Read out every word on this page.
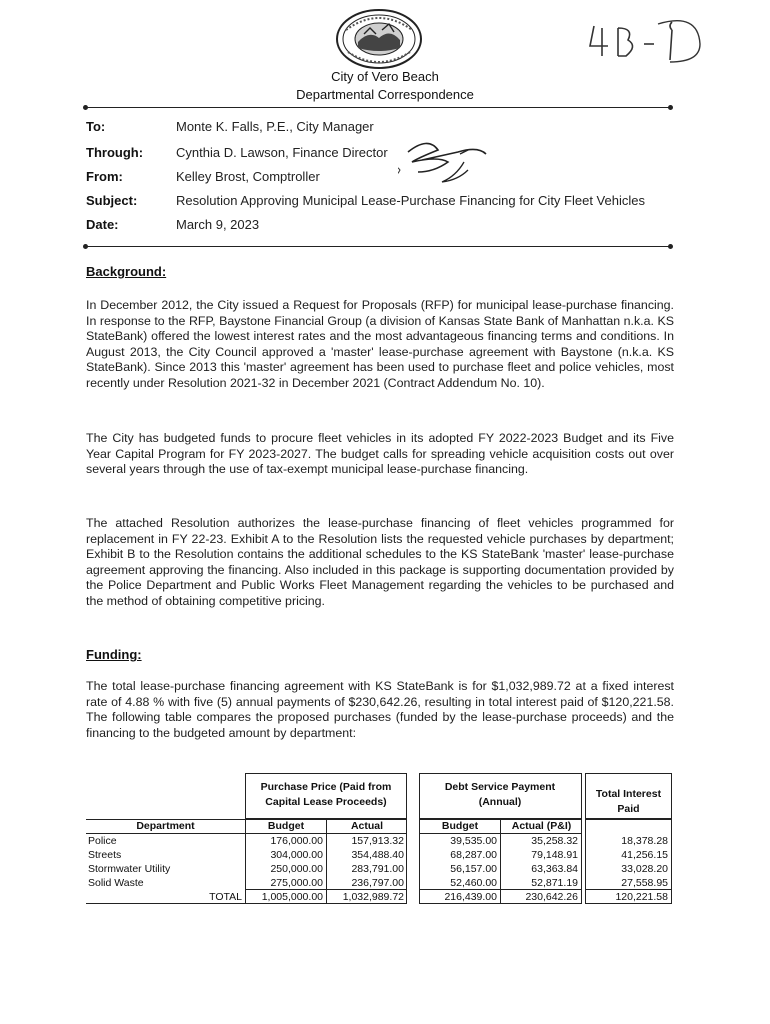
City of Vero Beach
Departmental Correspondence
To:	Monte K. Falls, P.E., City Manager
Through:	Cynthia D. Lawson, Finance Director
From:	Kelley Brost, Comptroller
Subject:	Resolution Approving Municipal Lease-Purchase Financing for City Fleet Vehicles
Date:	March 9, 2023
Background:

In December 2012, the City issued a Request for Proposals (RFP) for municipal lease-purchase financing. In response to the RFP, Baystone Financial Group (a division of Kansas State Bank of Manhattan n.k.a. KS StateBank) offered the lowest interest rates and the most advantageous financing terms and conditions. In August 2013, the City Council approved a 'master' lease-purchase agreement with Baystone (n.k.a. KS StateBank). Since 2013 this 'master' agreement has been used to purchase fleet and police vehicles, most recently under Resolution 2021-32 in December 2021 (Contract Addendum No. 10).

The City has budgeted funds to procure fleet vehicles in its adopted FY 2022-2023 Budget and its Five Year Capital Program for FY 2023-2027. The budget calls for spreading vehicle acquisition costs out over several years through the use of tax-exempt municipal lease-purchase financing.

The attached Resolution authorizes the lease-purchase financing of fleet vehicles programmed for replacement in FY 22-23. Exhibit A to the Resolution lists the requested vehicle purchases by department; Exhibit B to the Resolution contains the additional schedules to the KS StateBank 'master' lease-purchase agreement approving the financing. Also included in this package is supporting documentation provided by the Police Department and Public Works Fleet Management regarding the vehicles to be purchased and the method of obtaining competitive pricing.

Funding:

The total lease-purchase financing agreement with KS StateBank is for $1,032,989.72 at a fixed interest rate of 4.88 % with five (5) annual payments of $230,642.26, resulting in total interest paid of $120,221.58. The following table compares the proposed purchases (funded by the lease-purchase proceeds) and the financing to the budgeted amount by department:

Purchase Price (Paid from Capital Lease Proceeds)
Debt Service Payment (Annual)
Total Interest Paid
Department	Budget	Actual	Budget	Actual (P&I)
Police	176,000.00	157,913.32	39,535.00	35,258.32	18,378.28
Streets	304,000.00	354,488.40	68,287.00	79,148.91	41,256.15
Stormwater Utility	250,000.00	283,791.00	56,157.00	63,363.84	33,028.20
Solid Waste	275,000.00	236,797.00	52,460.00	52,871.19	27,558.95
TOTAL	1,005,000.00	1,032,989.72	216,439.00	230,642.26	120,221.58
